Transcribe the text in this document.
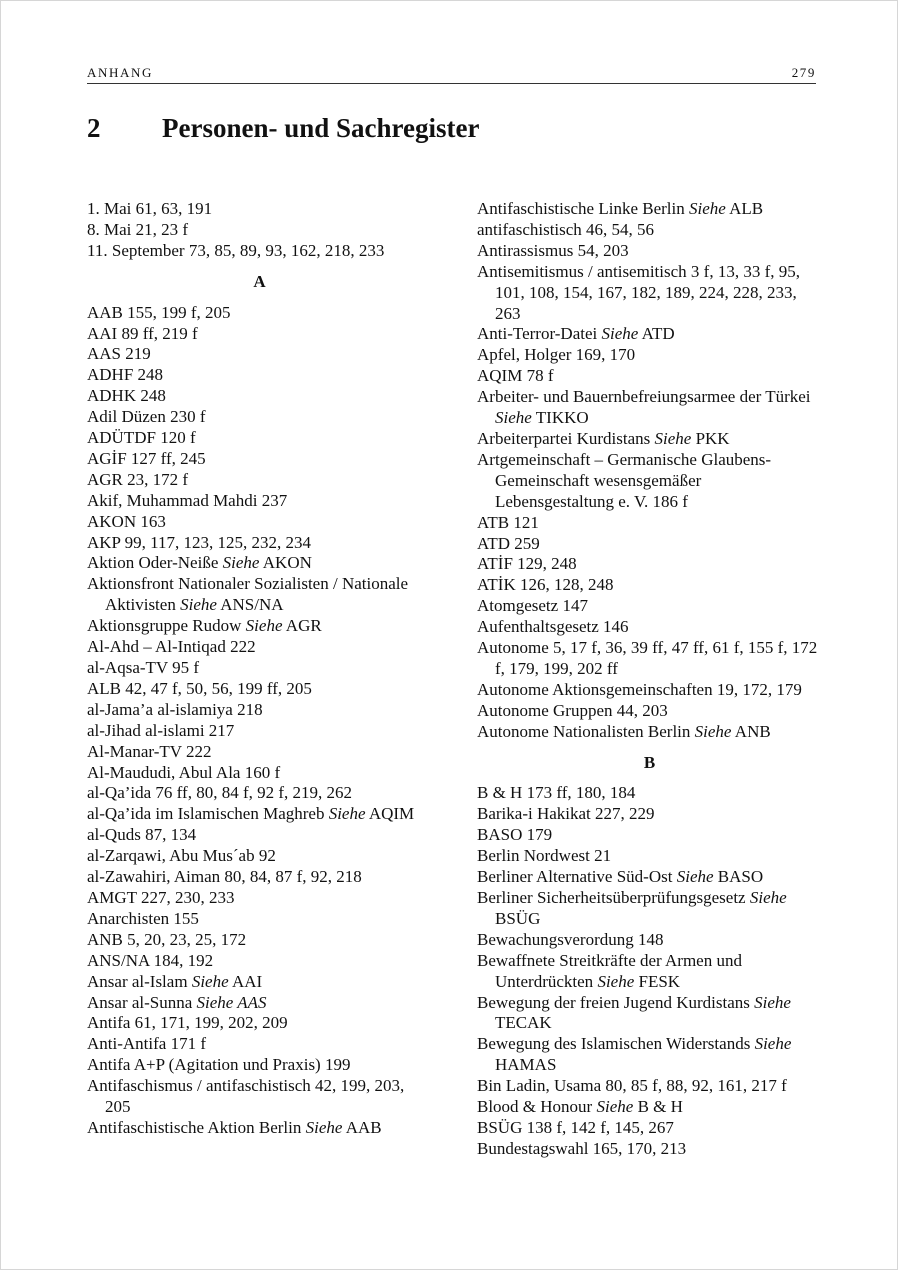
ANHANG	279
2 Personen- und Sachregister

1. Mai 61, 63, 191

8. Mai 21, 23 f

11. September 73, 85, 89, 93, 162, 218, 233

A

AAB 155, 199 f, 205

AAI 89 ff, 219 f

AAS 219

ADHF 248

ADHK 248

Adil Düzen 230 f

ADÜTDF 120 f

AGİF 127 ff, 245

AGR 23, 172 f

Akif, Muhammad Mahdi 237

AKON 163

AKP 99, 117, 123, 125, 232, 234

Aktion Oder-Neiße Siehe AKON

Aktionsfront Nationaler Sozialisten / Nationale Aktivisten Siehe ANS/NA

Aktionsgruppe Rudow Siehe AGR

Al-Ahd – Al-Intiqad 222

al-Aqsa-TV 95 f

ALB 42, 47 f, 50, 56, 199 ff, 205

al-Jama’a al-islamiya 218

al-Jihad al-islami 217

Al-Manar-TV 222

Al-Maududi, Abul Ala 160 f

al-Qa’ida 76 ff, 80, 84 f, 92 f, 219, 262

al-Qa’ida im Islamischen Maghreb Siehe AQIM

al-Quds 87, 134

al-Zarqawi, Abu Mus´ab 92

al-Zawahiri, Aiman 80, 84, 87 f, 92, 218

AMGT 227, 230, 233

Anarchisten 155

ANB 5, 20, 23, 25, 172

ANS/NA 184, 192

Ansar al-Islam Siehe AAI

Ansar al-Sunna Siehe AAS

Antifa 61, 171, 199, 202, 209

Anti-Antifa 171 f

Antifa A+P (Agitation und Praxis) 199

Antifaschismus / antifaschistisch 42, 199, 203, 205

Antifaschistische Aktion Berlin Siehe AAB

Antifaschistische Linke Berlin Siehe ALB

antifaschistisch 46, 54, 56

Antirassismus 54, 203

Antisemitismus / antisemitisch 3 f, 13, 33 f, 95, 101, 108, 154, 167, 182, 189, 224, 228, 233, 263

Anti-Terror-Datei Siehe ATD

Apfel, Holger 169, 170

AQIM 78 f

Arbeiter- und Bauernbefreiungsarmee der Türkei Siehe TIKKO

Arbeiterpartei Kurdistans Siehe PKK

Artgemeinschaft – Germanische Glaubens-Gemeinschaft wesensgemäßer Lebensgestaltung e. V. 186 f

ATB 121

ATD 259

ATİF 129, 248

ATİK 126, 128, 248

Atomgesetz 147

Aufenthaltsgesetz 146

Autonome 5, 17 f, 36, 39 ff, 47 ff, 61 f, 155 f, 172 f, 179, 199, 202 ff

Autonome Aktionsgemeinschaften 19, 172, 179

Autonome Gruppen 44, 203

Autonome Nationalisten Berlin Siehe ANB

B

B & H 173 ff, 180, 184

Barika-i Hakikat 227, 229

BASO 179

Berlin Nordwest 21

Berliner Alternative Süd-Ost Siehe BASO

Berliner Sicherheitsüberprüfungsgesetz Siehe BSÜG

Bewachungsverordung 148

Bewaffnete Streitkräfte der Armen und Unterdrückten Siehe FESK

Bewegung der freien Jugend Kurdistans Siehe TECAK

Bewegung des Islamischen Widerstands Siehe HAMAS

Bin Ladin, Usama 80, 85 f, 88, 92, 161, 217 f

Blood & Honour Siehe B & H

BSÜG 138 f, 142 f, 145, 267

Bundestagswahl 165, 170, 213
